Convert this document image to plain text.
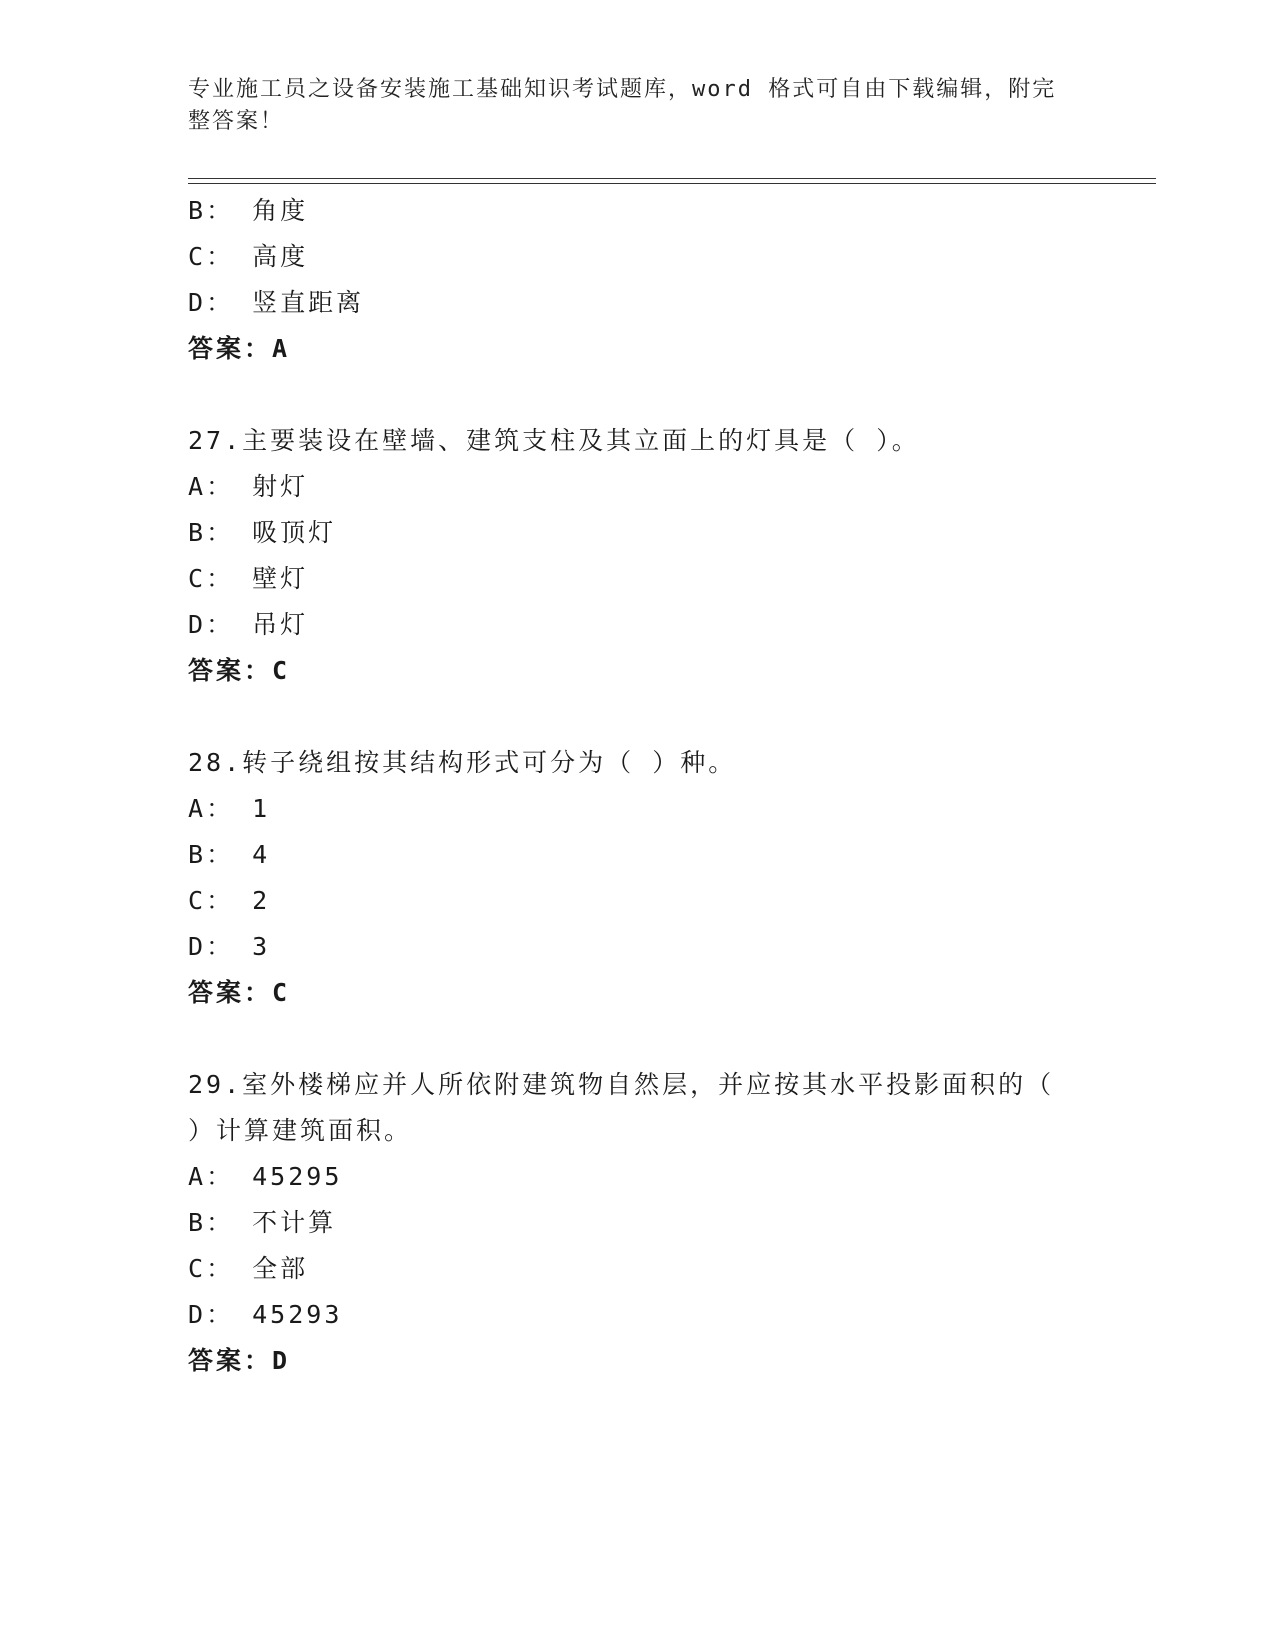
专业施工员之设备安装施工基础知识考试题库，word 格式可自由下载编辑，附完整答案！
B： 角度
C： 高度
D： 竖直距离
答案：A
27.主要装设在壁墙、建筑支柱及其立面上的灯具是（ ）。
A： 射灯
B： 吸顶灯
C： 壁灯
D： 吊灯
答案：C
28.转子绕组按其结构形式可分为（ ）种。
A： 1
B： 4
C： 2
D： 3
答案：C
29.室外楼梯应并人所依附建筑物自然层，并应按其水平投影面积的（ ）计算建筑面积。
A： 45295
B： 不计算
C： 全部
D： 45293
答案：D
